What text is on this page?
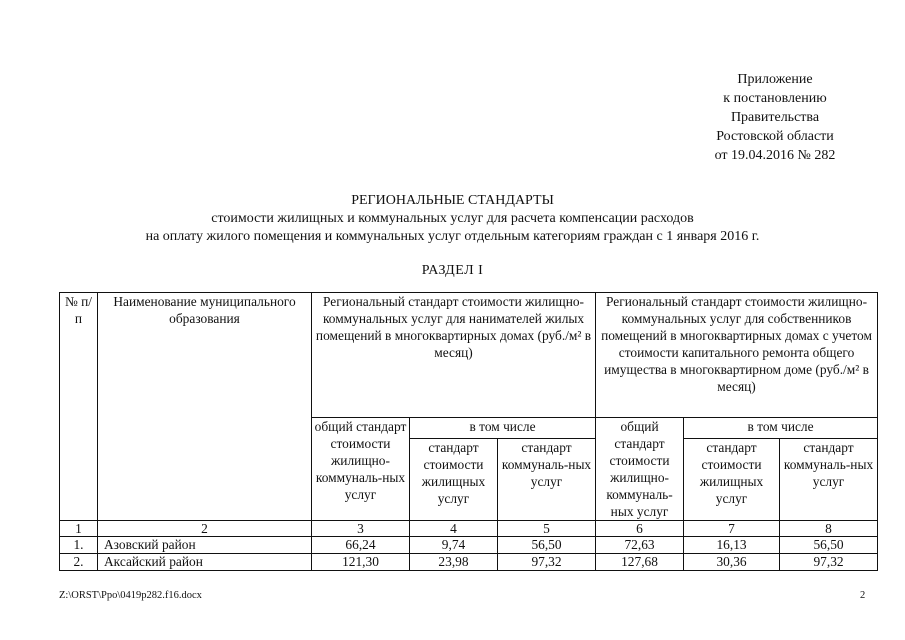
Приложение
к постановлению
Правительства
Ростовской области
от 19.04.2016 № 282
РЕГИОНАЛЬНЫЕ СТАНДАРТЫ
стоимости жилищных и коммунальных услуг для расчета компенсации расходов
на оплату жилого помещения и коммунальных услуг отдельным категориям граждан с 1 января 2016 г.
РАЗДЕЛ I
№ п/п	Наименование муниципального образования	Региональный стандарт стоимости жилищно-коммунальных услуг для нанимателей жилых помещений в многоквартирных домах (руб./м² в месяц)			Региональный стандарт стоимости жилищно-коммунальных услуг для собственников помещений в многоквартирных домах с учетом стоимости капитального ремонта общего имущества в многоквартирном доме (руб./м² в месяц)		
		общий стандарт стоимости жилищно-коммуналь-ных услуг	в том числе		общий стандарт стоимости жилищно-коммуналь-ных услуг	в том числе	
			стандарт стоимости жилищных услуг	стандарт коммуналь-ных услуг		стандарт стоимости жилищных услуг	стандарт коммуналь-ных услуг
1	2	3	4	5	6	7	8
1.	Азовский район	66,24	9,74	56,50	72,63	16,13	56,50
2.	Аксайский район	121,30	23,98	97,32	127,68	30,36	97,32
Z:\ORST\Ppo\0419p282.f16.docx	2
